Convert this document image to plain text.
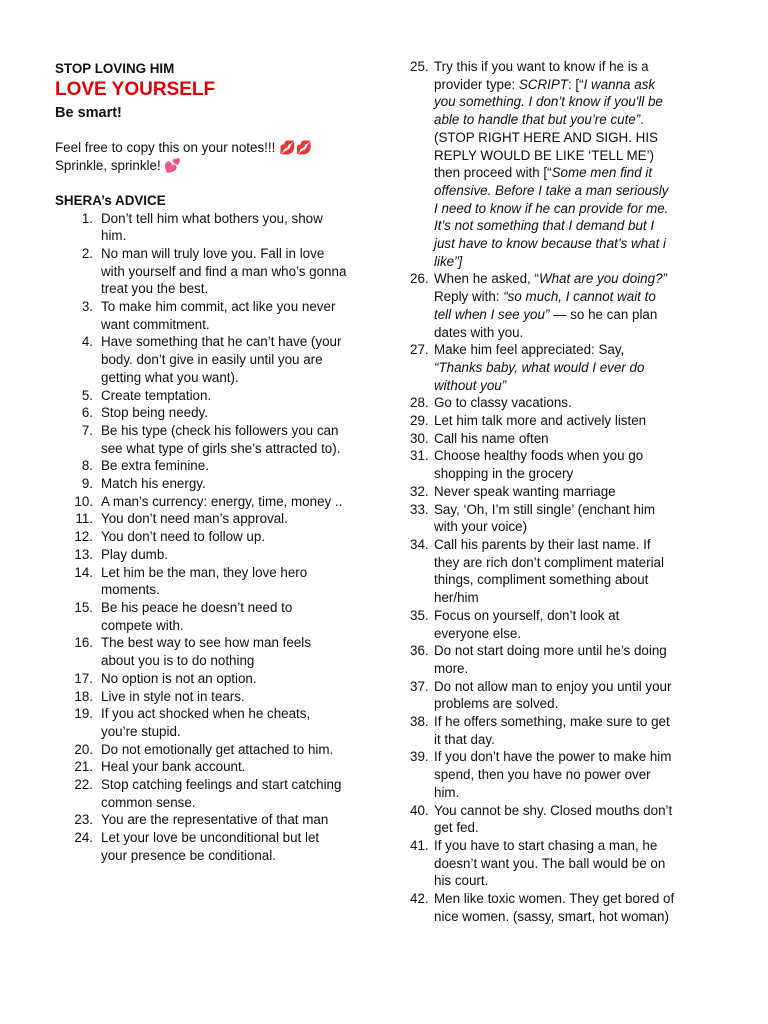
STOP LOVING HIM
LOVE YOURSELF
Be smart!
Feel free to copy this on your notes!!! 💋💋
Sprinkle, sprinkle! 💕
SHERA’s ADVICE
1. Don’t tell him what bothers you, show him.
2. No man will truly love you. Fall in love with yourself and find a man who’s gonna treat you the best.
3. To make him commit, act like you never want commitment.
4. Have something that he can’t have (your body. don’t give in easily until you are getting what you want).
5. Create temptation.
6. Stop being needy.
7. Be his type (check his followers you can see what type of girls she’s attracted to).
8. Be extra feminine.
9. Match his energy.
10. A man’s currency: energy, time, money ..
11. You don’t need man’s approval.
12. You don’t need to follow up.
13. Play dumb.
14. Let him be the man, they love hero moments.
15. Be his peace he doesn’t need to compete with.
16. The best way to see how man feels about you is to do nothing
17. No option is not an option.
18. Live in style not in tears.
19. If you act shocked when he cheats, you’re stupid.
20. Do not emotionally get attached to him.
21. Heal your bank account.
22. Stop catching feelings and start catching common sense.
23. You are the representative of that man
24. Let your love be unconditional but let your presence be conditional.
25. Try this if you want to know if he is a provider type: SCRIPT: [“I wanna ask you something. I don’t know if you'll be able to handle that but you’re cute”. (STOP RIGHT HERE AND SIGH. HIS REPLY WOULD BE LIKE ‘TELL ME’) then proceed with [“Some men find it offensive. Before I take a man seriously I need to know if he can provide for me. It’s not something that I demand but I just have to know because that’s what i like”]
26. When he asked, “What are you doing?” Reply with: “so much, I cannot wait to tell when I see you” — so he can plan dates with you.
27. Make him feel appreciated: Say, “Thanks baby, what would I ever do without you”
28. Go to classy vacations.
29. Let him talk more and actively listen
30. Call his name often
31. Choose healthy foods when you go shopping in the grocery
32. Never speak wanting marriage
33. Say, ‘Oh, I’m still single’ (enchant him with your voice)
34. Call his parents by their last name. If they are rich don’t compliment material things, compliment something about her/him
35. Focus on yourself, don’t look at everyone else.
36. Do not start doing more until he’s doing more.
37. Do not allow man to enjoy you until your problems are solved.
38. If he offers something, make sure to get it that day.
39. If you don’t have the power to make him spend, then you have no power over him.
40. You cannot be shy. Closed mouths don’t get fed.
41. If you have to start chasing a man, he doesn’t want you. The ball would be on his court.
42. Men like toxic women. They get bored of nice women. (sassy, smart, hot woman)
